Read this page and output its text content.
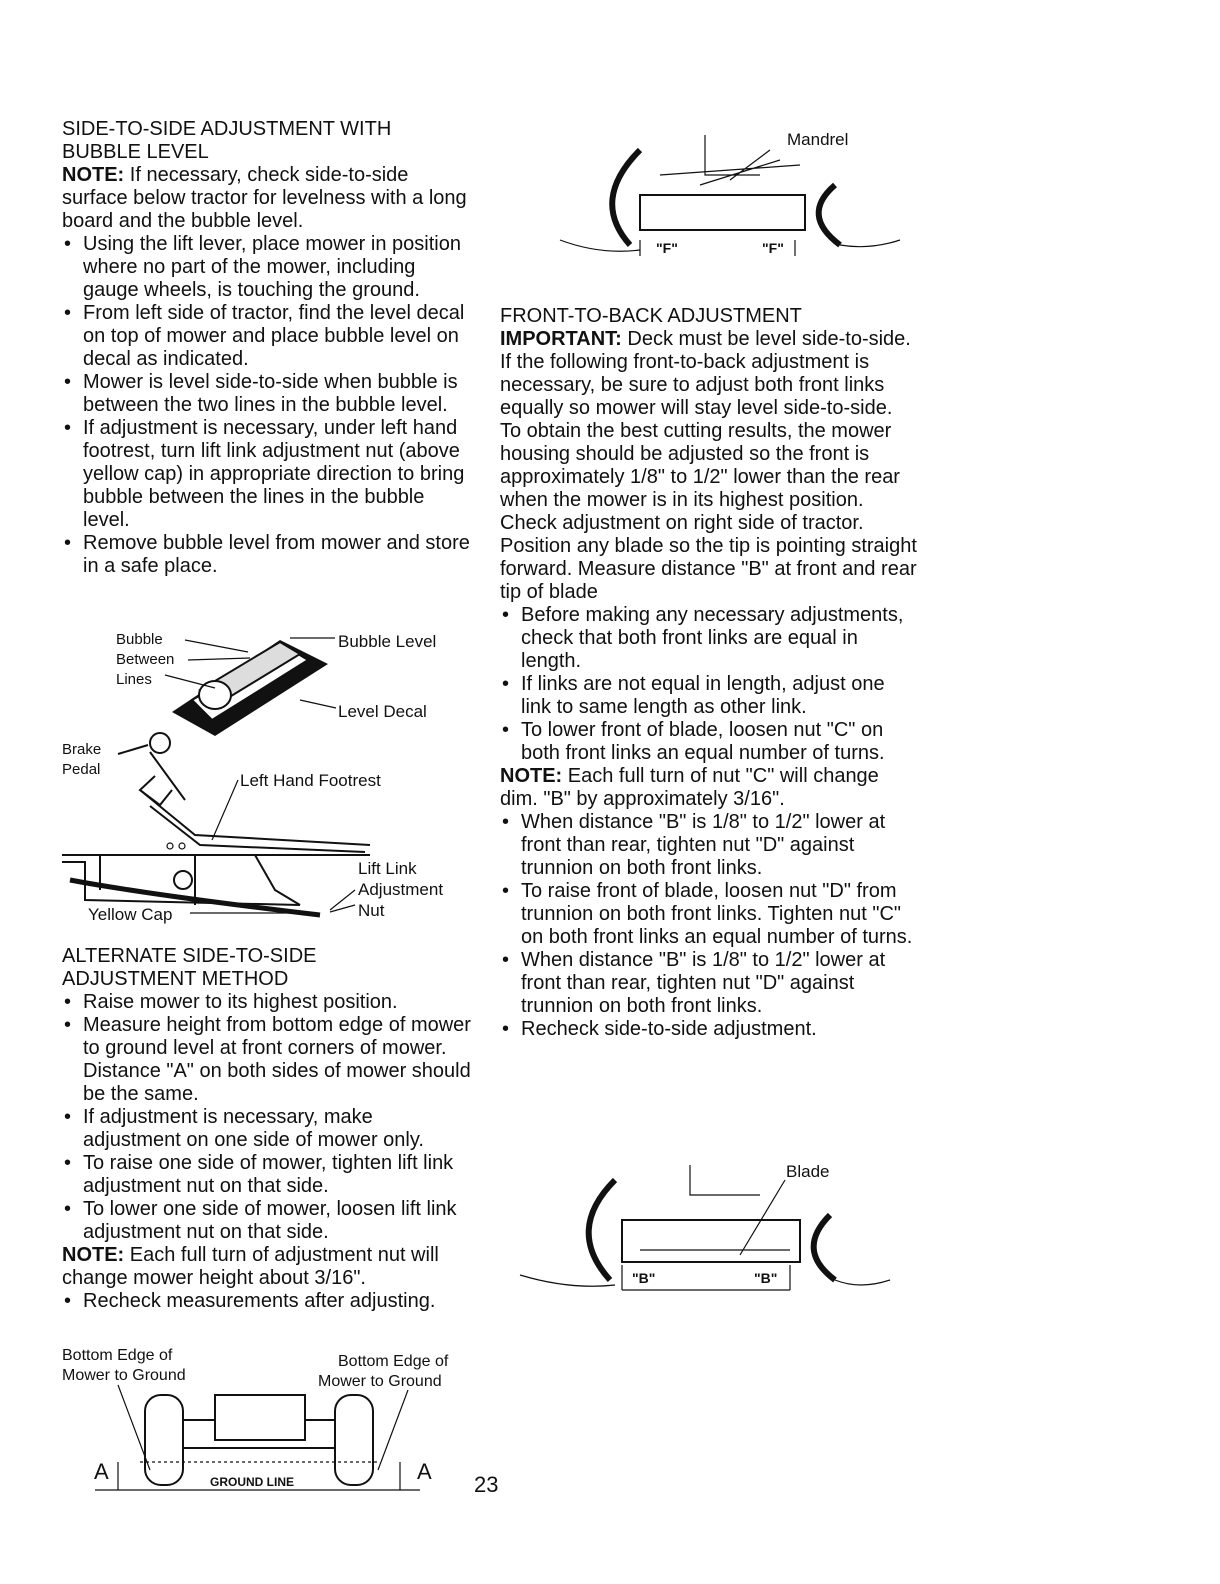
SIDE-TO-SIDE ADJUSTMENT WITH
BUBBLE LEVEL

NOTE: If necessary, check side-to-side surface below tractor for levelness with a long board and the bubble level.

• Using the lift lever, place mower in position where no part of the mower, including gauge wheels, is touching the ground.
• From left side of tractor, find the level decal on top of mower and place bubble level on decal as indicated.
• Mower is level side-to-side when bubble is between the two lines in the bubble level.
• If adjustment is necessary, under left hand footrest, turn lift link adjustment nut (above yellow cap) in appropriate direction to bring bubble between the lines in the bubble level.
• Remove bubble level from mower and store in a safe place.
Bubble
Between
Lines
Bubble Level
Level Decal
Brake
Pedal
Left Hand Footrest
Lift Link
Adjustment
Nut
Yellow Cap
ALTERNATE SIDE-TO-SIDE
ADJUSTMENT METHOD
• Raise mower to its highest position.
• Measure height from bottom edge of mower to ground level at front corners of mower. Distance "A" on both sides of mower should be the same.
• If adjustment is necessary, make adjustment on one side of mower only.
• To raise one side of mower, tighten lift link adjustment nut on that side.
• To lower one side of mower, loosen lift link adjustment nut on that side.

NOTE: Each full turn of adjustment nut will change mower height about 3/16".

• Recheck measurements after adjusting.
Bottom Edge of
Mower to Ground
Bottom Edge of
Mower to Ground
GROUND LINE
A	A
Mandrel
"F"	"F"
FRONT-TO-BACK ADJUSTMENT

IMPORTANT: Deck must be level side-to-side. If the following front-to-back adjustment is necessary, be sure to adjust both front links equally so mower will stay level side-to-side.

To obtain the best cutting results, the mower housing should be adjusted so the front is approximately 1/8" to 1/2" lower than the rear when the mower is in its highest position.

Check adjustment on right side of tractor. Position any blade so the tip is pointing straight forward. Measure distance "B" at front and rear tip of blade

• Before making any necessary adjustments, check that both front links are equal in length.
• If links are not equal in length, adjust one link to same length as other link.
• To lower front of blade, loosen nut "C" on both front links an equal number of turns.

NOTE: Each full turn of nut "C" will change dim. "B" by approximately 3/16".

• When distance "B" is 1/8" to 1/2" lower at front than rear, tighten nut "D" against trunnion on both front links.
• To raise front of blade, loosen nut "D" from trunnion on both front links. Tighten nut "C" on both front links an equal number of turns.
• When distance "B" is 1/8" to 1/2" lower at front than rear, tighten nut "D" against trunnion on both front links.
• Recheck side-to-side adjustment.
Blade
"B"	"B"
23
